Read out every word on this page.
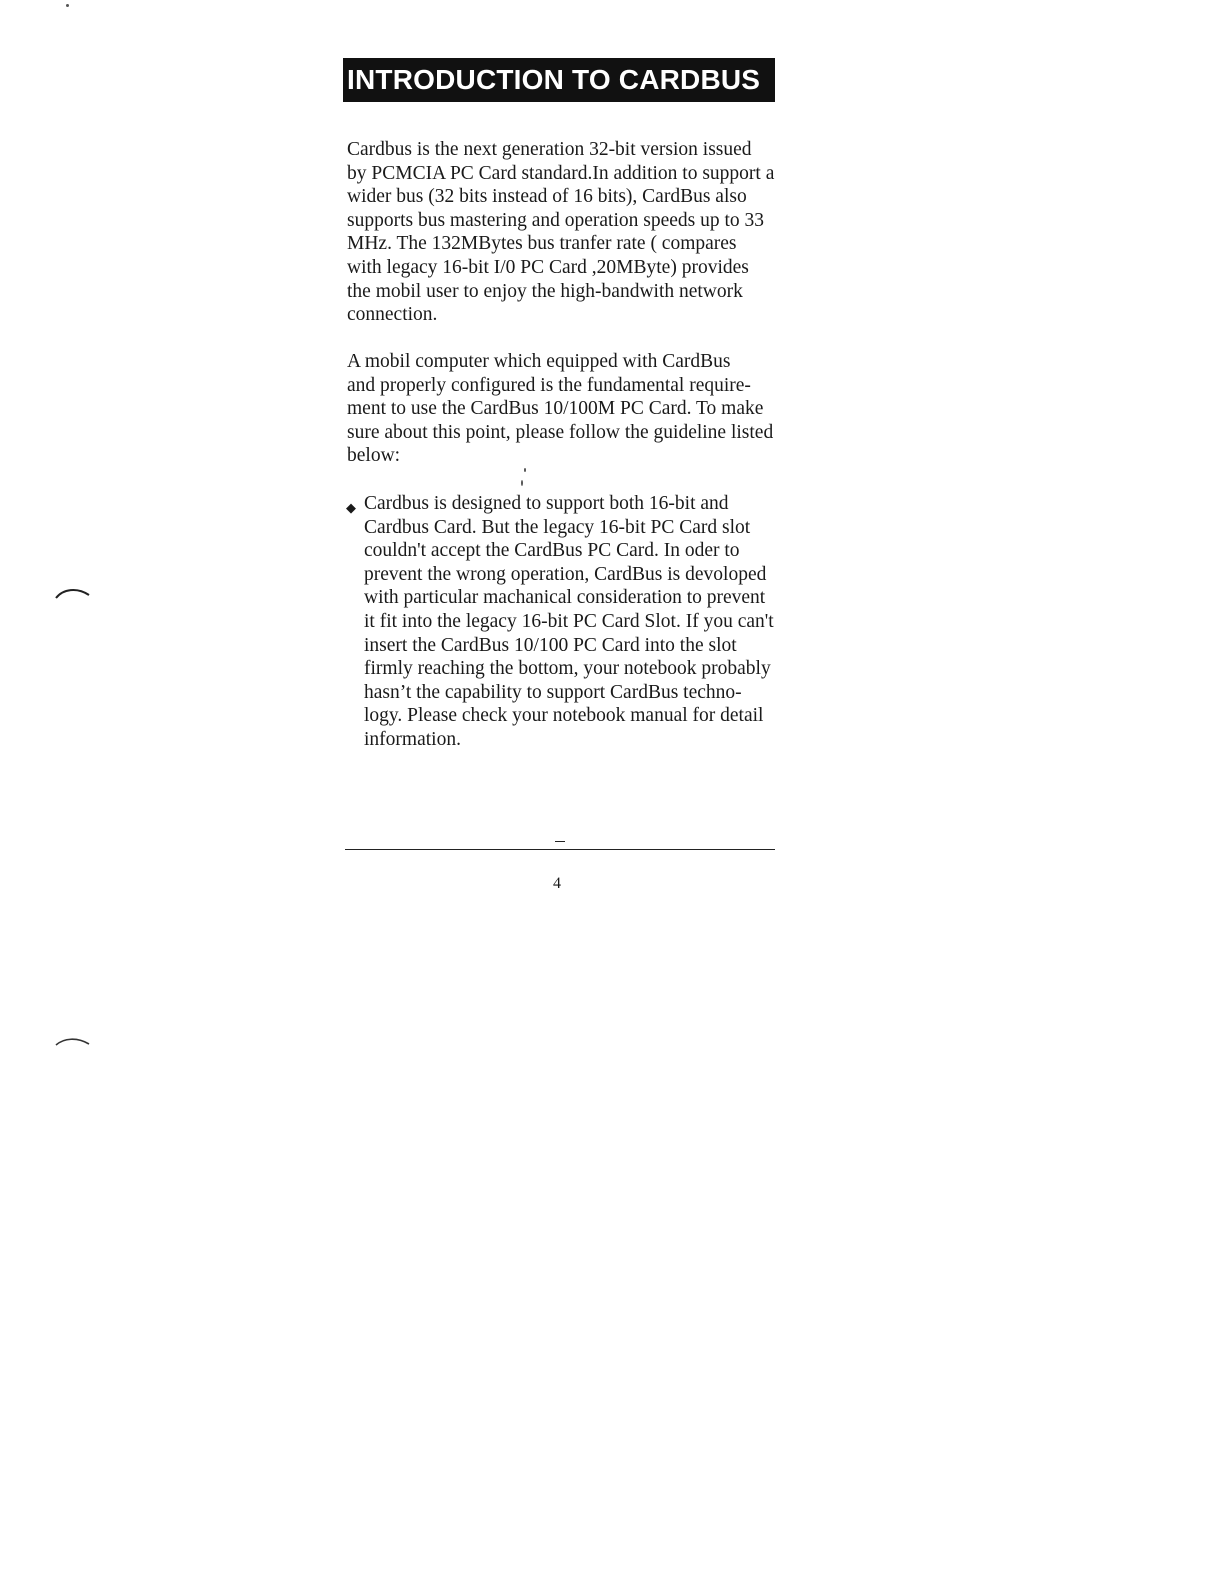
INTRODUCTION TO CARDBUS
Cardbus is the next generation 32-bit version issued
by PCMCIA PC Card standard.In addition to support a
wider bus (32 bits instead of 16 bits), CardBus also
supports bus mastering and operation speeds up to 33
MHz. The 132MBytes bus tranfer rate ( compares
with legacy 16-bit I/0 PC Card ,20MByte) provides
the mobil user to enjoy the high-bandwith network
connection.
A mobil computer which equipped with CardBus
and properly configured is the fundamental require-
ment to use the CardBus 10/100M PC Card. To make
sure about this point, please follow the guideline listed
below:
◆ Cardbus is designed to support both 16-bit and
Cardbus Card. But the legacy 16-bit PC Card slot
couldn't accept the CardBus PC Card. In oder to
prevent the wrong operation, CardBus is devoloped
with particular machanical consideration to prevent
it fit into the legacy 16-bit PC Card Slot. If you can't
insert the CardBus 10/100 PC Card into the slot
firmly reaching the bottom, your notebook probably
hasn’t the capability to support CardBus techno-
logy. Please check your notebook manual for detail
information.
4
